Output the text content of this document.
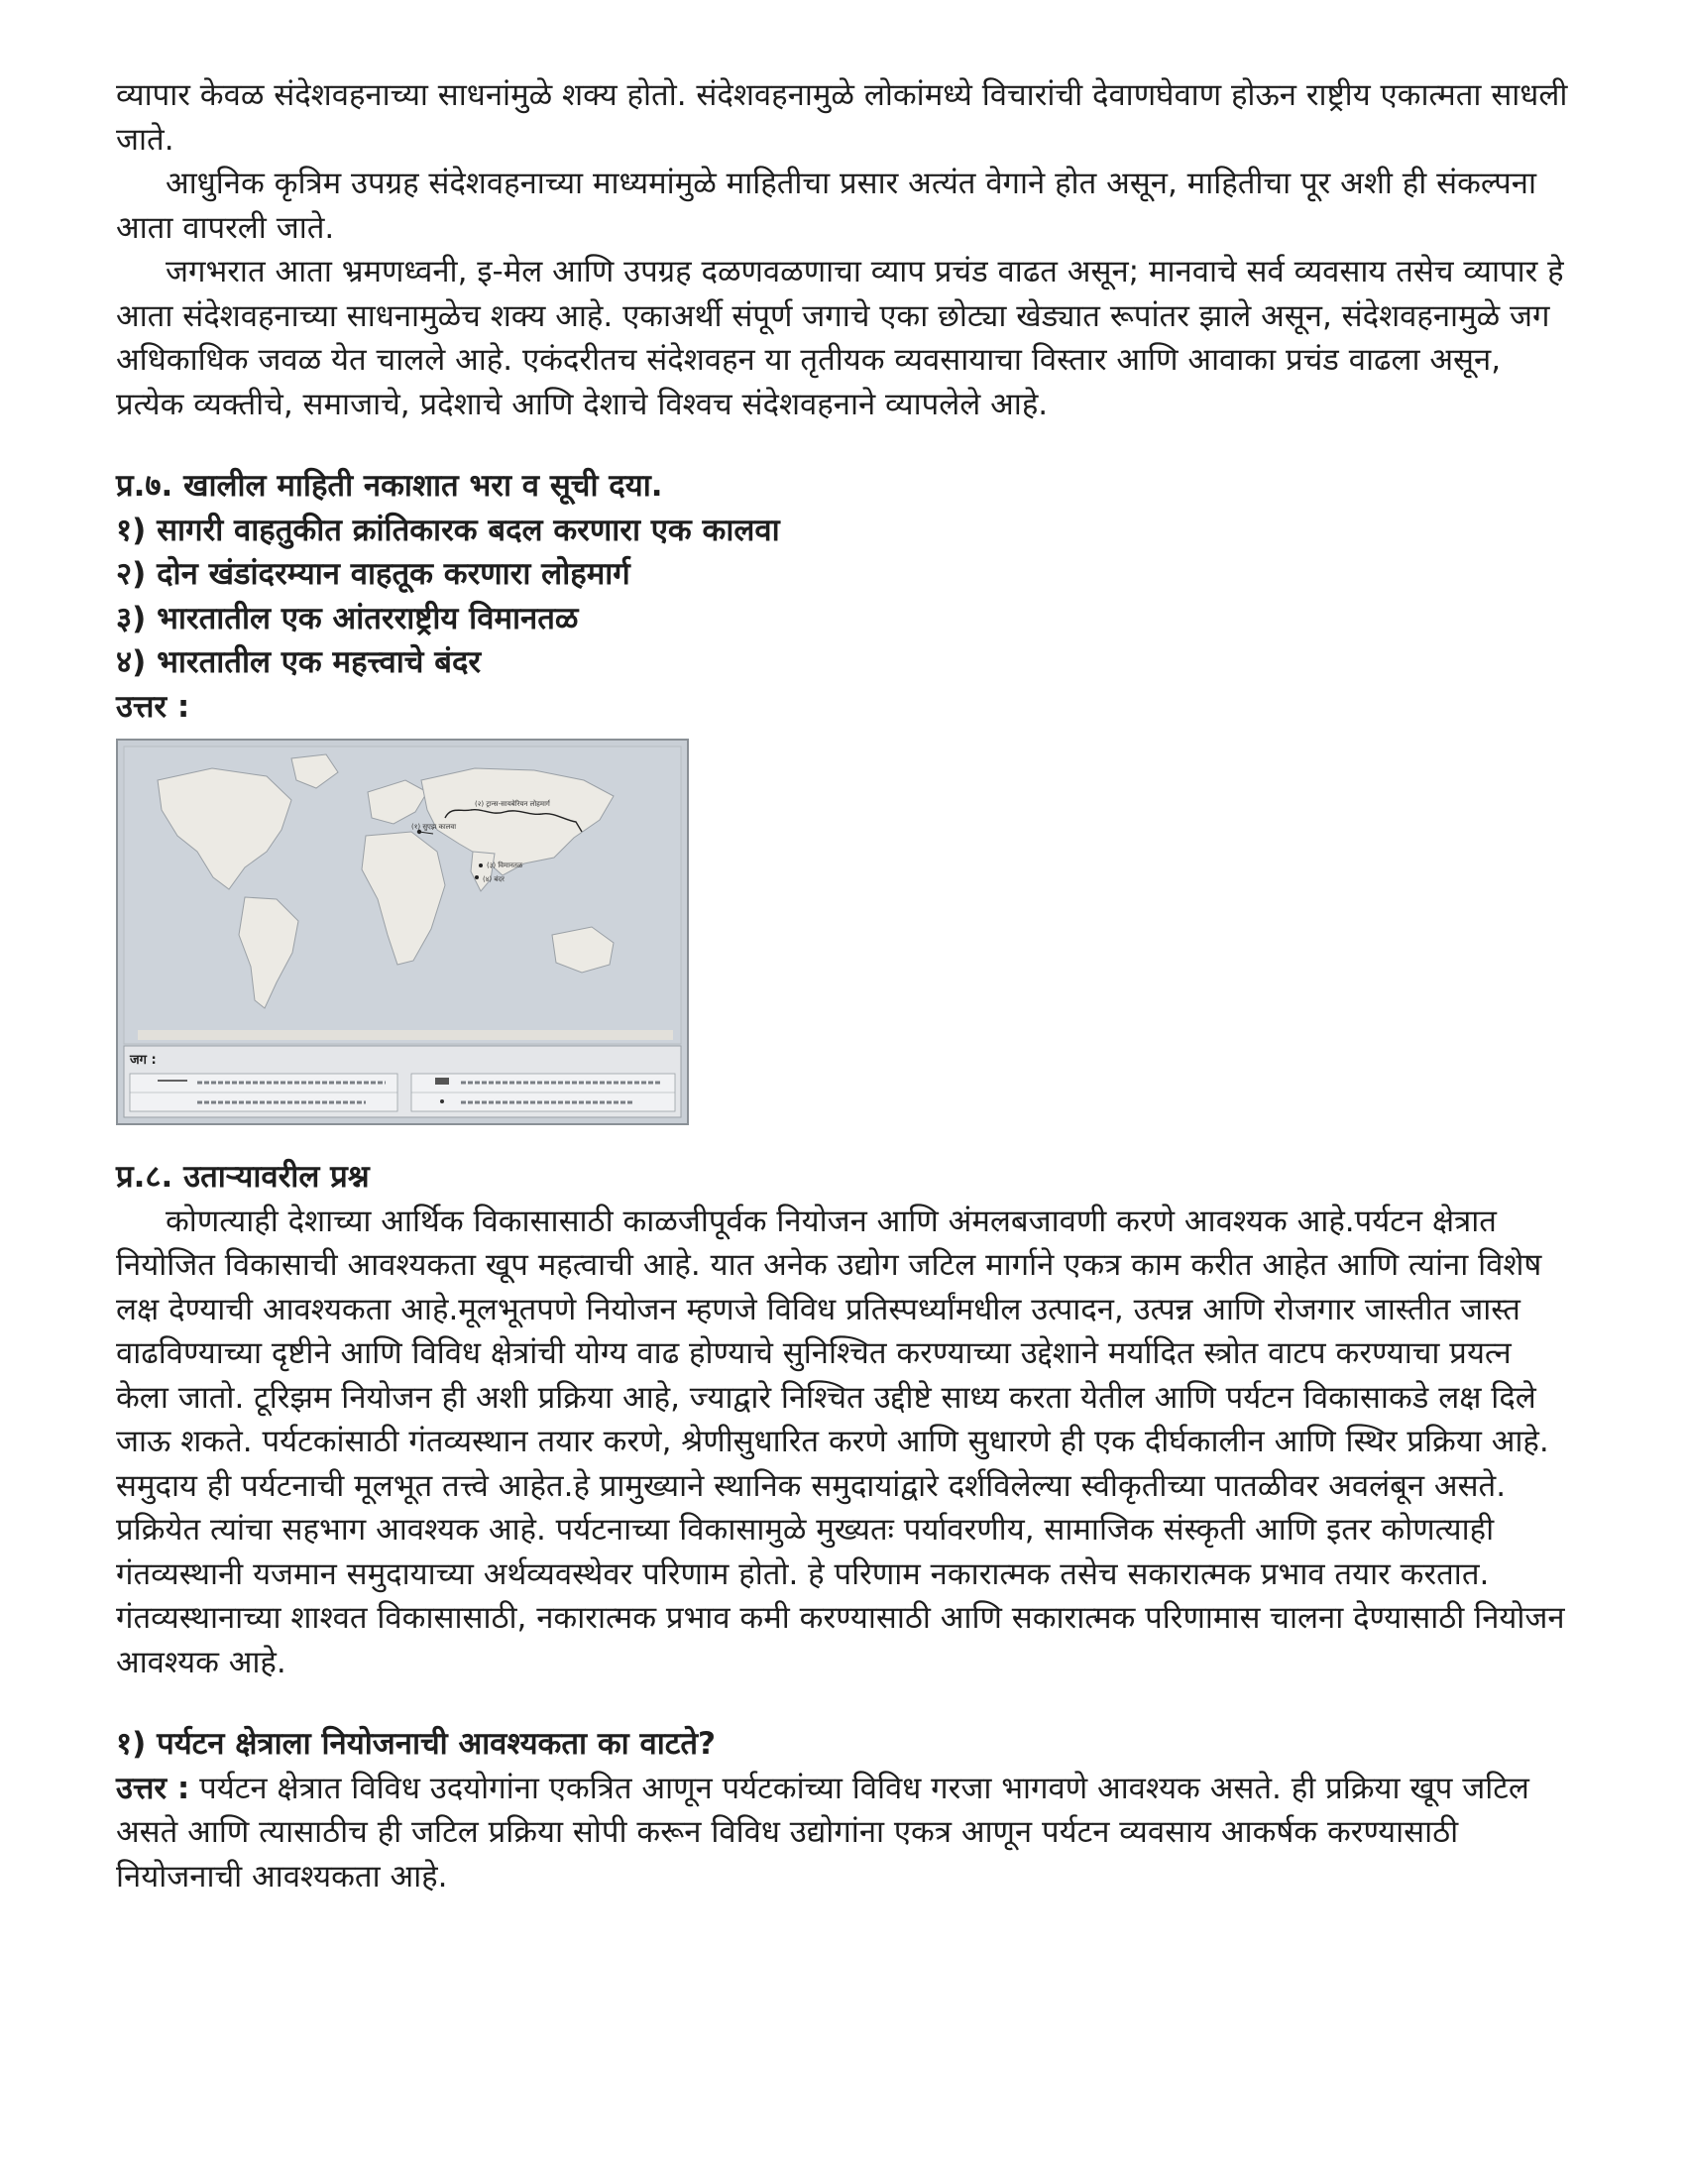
व्यापार केवळ संदेशवहनाच्या साधनांमुळे शक्य होतो. संदेशवहनामुळे लोकांमध्ये विचारांची देवाणघेवाण होऊन राष्ट्रीय एकात्मता साधली जाते.

आधुनिक कृत्रिम उपग्रह संदेशवहनाच्या माध्यमांमुळे माहितीचा प्रसार अत्यंत वेगाने होत असून, माहितीचा पूर अशी ही संकल्पना आता वापरली जाते.

जगभरात आता भ्रमणध्वनी, इ-मेल आणि उपग्रह दळणवळणाचा व्याप प्रचंड वाढत असून; मानवाचे सर्व व्यवसाय तसेच व्यापार हे आता संदेशवहनाच्या साधनामुळेच शक्य आहे. एकाअर्थी संपूर्ण जगाचे एका छोट्या खेड्यात रूपांतर झाले असून, संदेशवहनामुळे जग अधिकाधिक जवळ येत चालले आहे. एकंदरीतच संदेशवहन या तृतीयक व्यवसायाचा विस्तार आणि आवाका प्रचंड वाढला असून, प्रत्येक व्यक्तीचे, समाजाचे, प्रदेशाचे आणि देशाचे विश्वच संदेशवहनाने व्यापलेले आहे.

प्र.७. खालील माहिती नकाशात भरा व सूची दया.

१) सागरी वाहतुकीत क्रांतिकारक बदल करणारा एक कालवा

२) दोन खंडांदरम्यान वाहतूक करणारा लोहमार्ग

३) भारतातील एक आंतरराष्ट्रीय विमानतळ

४) भारतातील एक महत्त्वाचे बंदर

उत्तर :

(२) ट्रान्स-सायबेरियन लोहमार्ग
(१) सुएझ कालवा
(३) विमानतळ
(४) बंदर
जग :

प्र.८. उताऱ्यावरील प्रश्न

कोणत्याही देशाच्या आर्थिक विकासासाठी काळजीपूर्वक नियोजन आणि अंमलबजावणी करणे आवश्यक आहे.पर्यटन क्षेत्रात नियोजित विकासाची आवश्यकता खूप महत्वाची आहे. यात अनेक उद्योग जटिल मार्गाने एकत्र काम करीत आहेत आणि त्यांना विशेष लक्ष देण्याची आवश्यकता आहे.मूलभूतपणे नियोजन म्हणजे विविध प्रतिस्पर्ध्यांमधील उत्पादन, उत्पन्न आणि रोजगार जास्तीत जास्त वाढविण्याच्या दृष्टीने आणि विविध क्षेत्रांची योग्य वाढ होण्याचे सुनिश्चित करण्याच्या उद्देशाने मर्यादित स्त्रोत वाटप करण्याचा प्रयत्न केला जातो. टूरिझम नियोजन ही अशी प्रक्रिया आहे, ज्याद्वारे निश्चित उद्दीष्टे साध्य करता येतील आणि पर्यटन विकासाकडे लक्ष दिले जाऊ शकते. पर्यटकांसाठी गंतव्यस्थान तयार करणे, श्रेणीसुधारित करणे आणि सुधारणे ही एक दीर्घकालीन आणि स्थिर प्रक्रिया आहे. समुदाय ही पर्यटनाची मूलभूत तत्त्वे आहेत.हे प्रामुख्याने स्थानिक समुदायांद्वारे दर्शविलेल्या स्वीकृतीच्या पातळीवर अवलंबून असते. प्रक्रियेत त्यांचा सहभाग आवश्यक आहे. पर्यटनाच्या विकासामुळे मुख्यतः पर्यावरणीय, सामाजिक संस्कृती आणि इतर कोणत्याही गंतव्यस्थानी यजमान समुदायाच्या अर्थव्यवस्थेवर परिणाम होतो. हे परिणाम नकारात्मक तसेच सकारात्मक प्रभाव तयार करतात. गंतव्यस्थानाच्या शाश्वत विकासासाठी, नकारात्मक प्रभाव कमी करण्यासाठी आणि सकारात्मक परिणामास चालना देण्यासाठी नियोजन आवश्यक आहे.

१) पर्यटन क्षेत्राला नियोजनाची आवश्यकता का वाटते?

उत्तर : पर्यटन क्षेत्रात विविध उदयोगांना एकत्रित आणून पर्यटकांच्या विविध गरजा भागवणे आवश्यक असते. ही प्रक्रिया खूप जटिल असते आणि त्यासाठीच ही जटिल प्रक्रिया सोपी करून विविध उद्योगांना एकत्र आणून पर्यटन व्यवसाय आकर्षक करण्यासाठी नियोजनाची आवश्यकता आहे.
